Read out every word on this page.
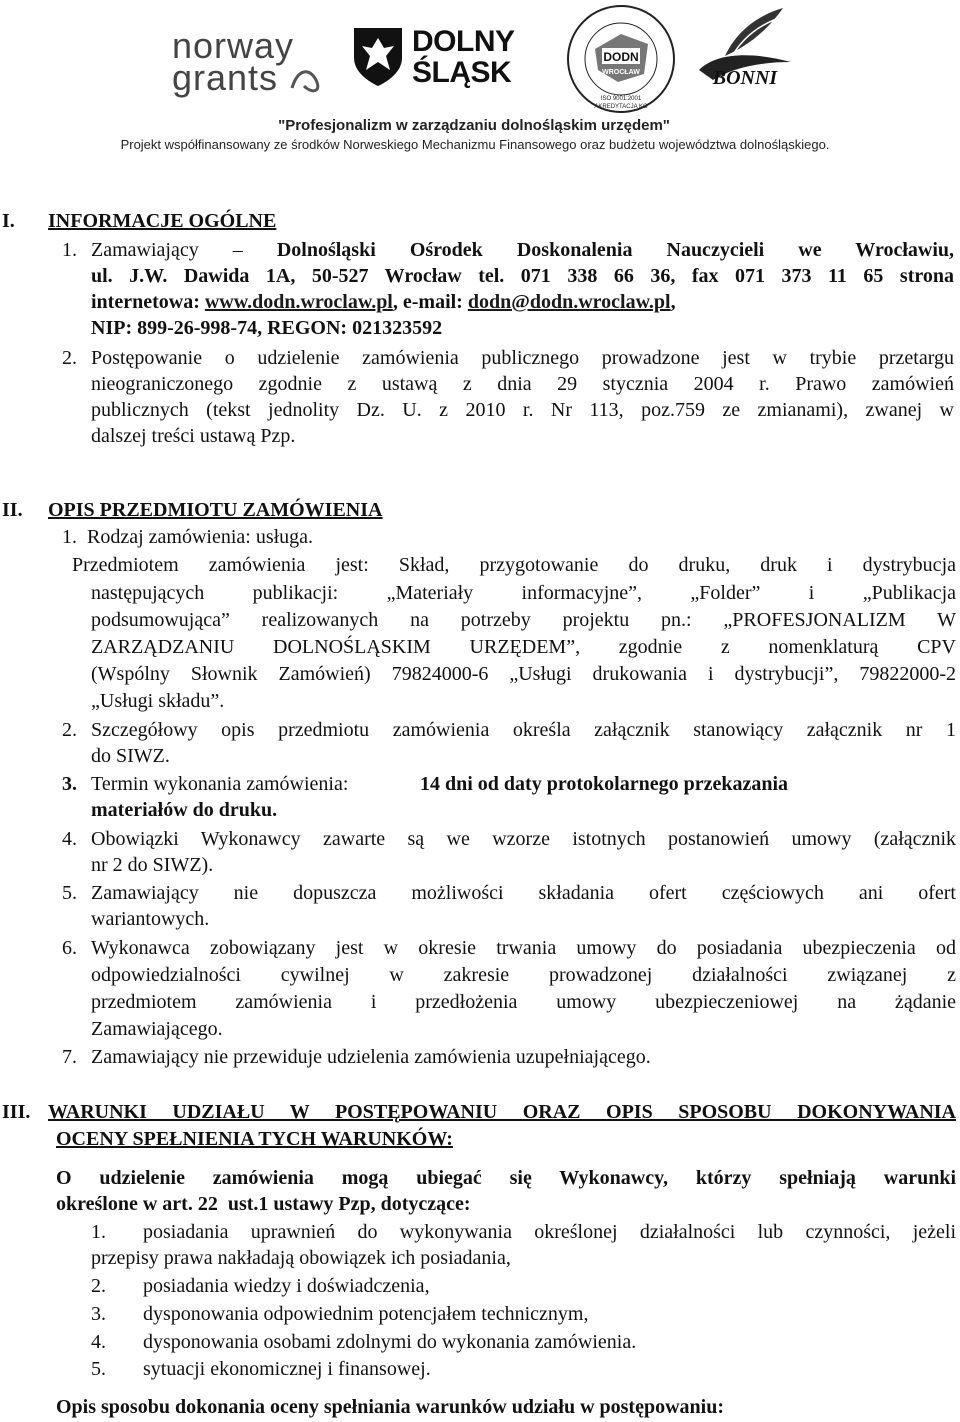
norway
grants
DOLNY
ŚLĄSK	DODN
WROCŁAW
ISO 9001:2001
AKREDYTACJA KO
BONNI
"Profesjonalizm w zarządzaniu dolnośląskim urzędem"
Projekt współfinansowany ze środków Norweskiego Mechanizmu Finansowego oraz budżetu województwa dolnośląskiego.
I. INFORMACJE OGÓLNE
1. Zamawiający – Dolnośląski Ośrodek Doskonalenia Nauczycieli we Wrocławiu,
ul. J.W. Dawida 1A, 50-527 Wrocław tel. 071 338 66 36, fax 071 373 11 65 strona
internetowa: www.dodn.wroclaw.pl, e-mail: dodn@dodn.wroclaw.pl,
NIP: 899-26-998-74, REGON: 021323592
2. Postępowanie o udzielenie zamówienia publicznego prowadzone jest w trybie przetargu
nieograniczonego zgodnie z ustawą z dnia 29 stycznia 2004 r. Prawo zamówień
publicznych (tekst jednolity Dz. U. z 2010 r. Nr 113, poz.759 ze zmianami), zwanej w
dalszej treści ustawą Pzp.
II. OPIS PRZEDMIOTU ZAMÓWIENIA
1.  Rodzaj zamówienia: usługa.
Przedmiotem zamówienia jest: Skład, przygotowanie do druku, druk i dystrybucja
następujących publikacji: „Materiały informacyjne”, „Folder” i „Publikacja
podsumowująca” realizowanych na potrzeby projektu pn.: „PROFESJONALIZM W
ZARZĄDZANIU DOLNOŚLĄSKIM URZĘDEM”, zgodnie z nomenklaturą CPV
(Wspólny Słownik Zamówień) 79824000-6 „Usługi drukowania i dystrybucji”, 79822000-2
„Usługi składu”.
2. Szczegółowy opis przedmiotu zamówienia określa załącznik stanowiący załącznik nr 1
do SIWZ.
3. Termin wykonania zamówienia:	14 dni od daty protokolarnego przekazania
materiałów do druku.
4. Obowiązki Wykonawcy zawarte są we wzorze istotnych postanowień umowy (załącznik
nr 2 do SIWZ).
5. Zamawiający nie dopuszcza możliwości składania ofert częściowych ani ofert
wariantowych.
6. Wykonawca zobowiązany jest w okresie trwania umowy do posiadania ubezpieczenia od
odpowiedzialności cywilnej w zakresie prowadzonej działalności związanej z
przedmiotem zamówienia i przedłożenia umowy ubezpieczeniowej na żądanie
Zamawiającego.
7. Zamawiający nie przewiduje udzielenia zamówienia uzupełniającego.
III. WARUNKI UDZIAŁU W POSTĘPOWANIU ORAZ OPIS SPOSOBU DOKONYWANIA
OCENY SPEŁNIENIA TYCH WARUNKÓW:
O udzielenie zamówienia mogą ubiegać się Wykonawcy, którzy spełniają warunki
określone w art. 22  ust.1 ustawy Pzp, dotyczące:
1. posiadania uprawnień do wykonywania określonej działalności lub czynności, jeżeli
przepisy prawa nakładają obowiązek ich posiadania,
2. posiadania wiedzy i doświadczenia,
3. dysponowania odpowiednim potencjałem technicznym,
4. dysponowania osobami zdolnymi do wykonania zamówienia.
5. sytuacji ekonomicznej i finansowej.
Opis sposobu dokonania oceny spełniania warunków udziału w postępowaniu:
